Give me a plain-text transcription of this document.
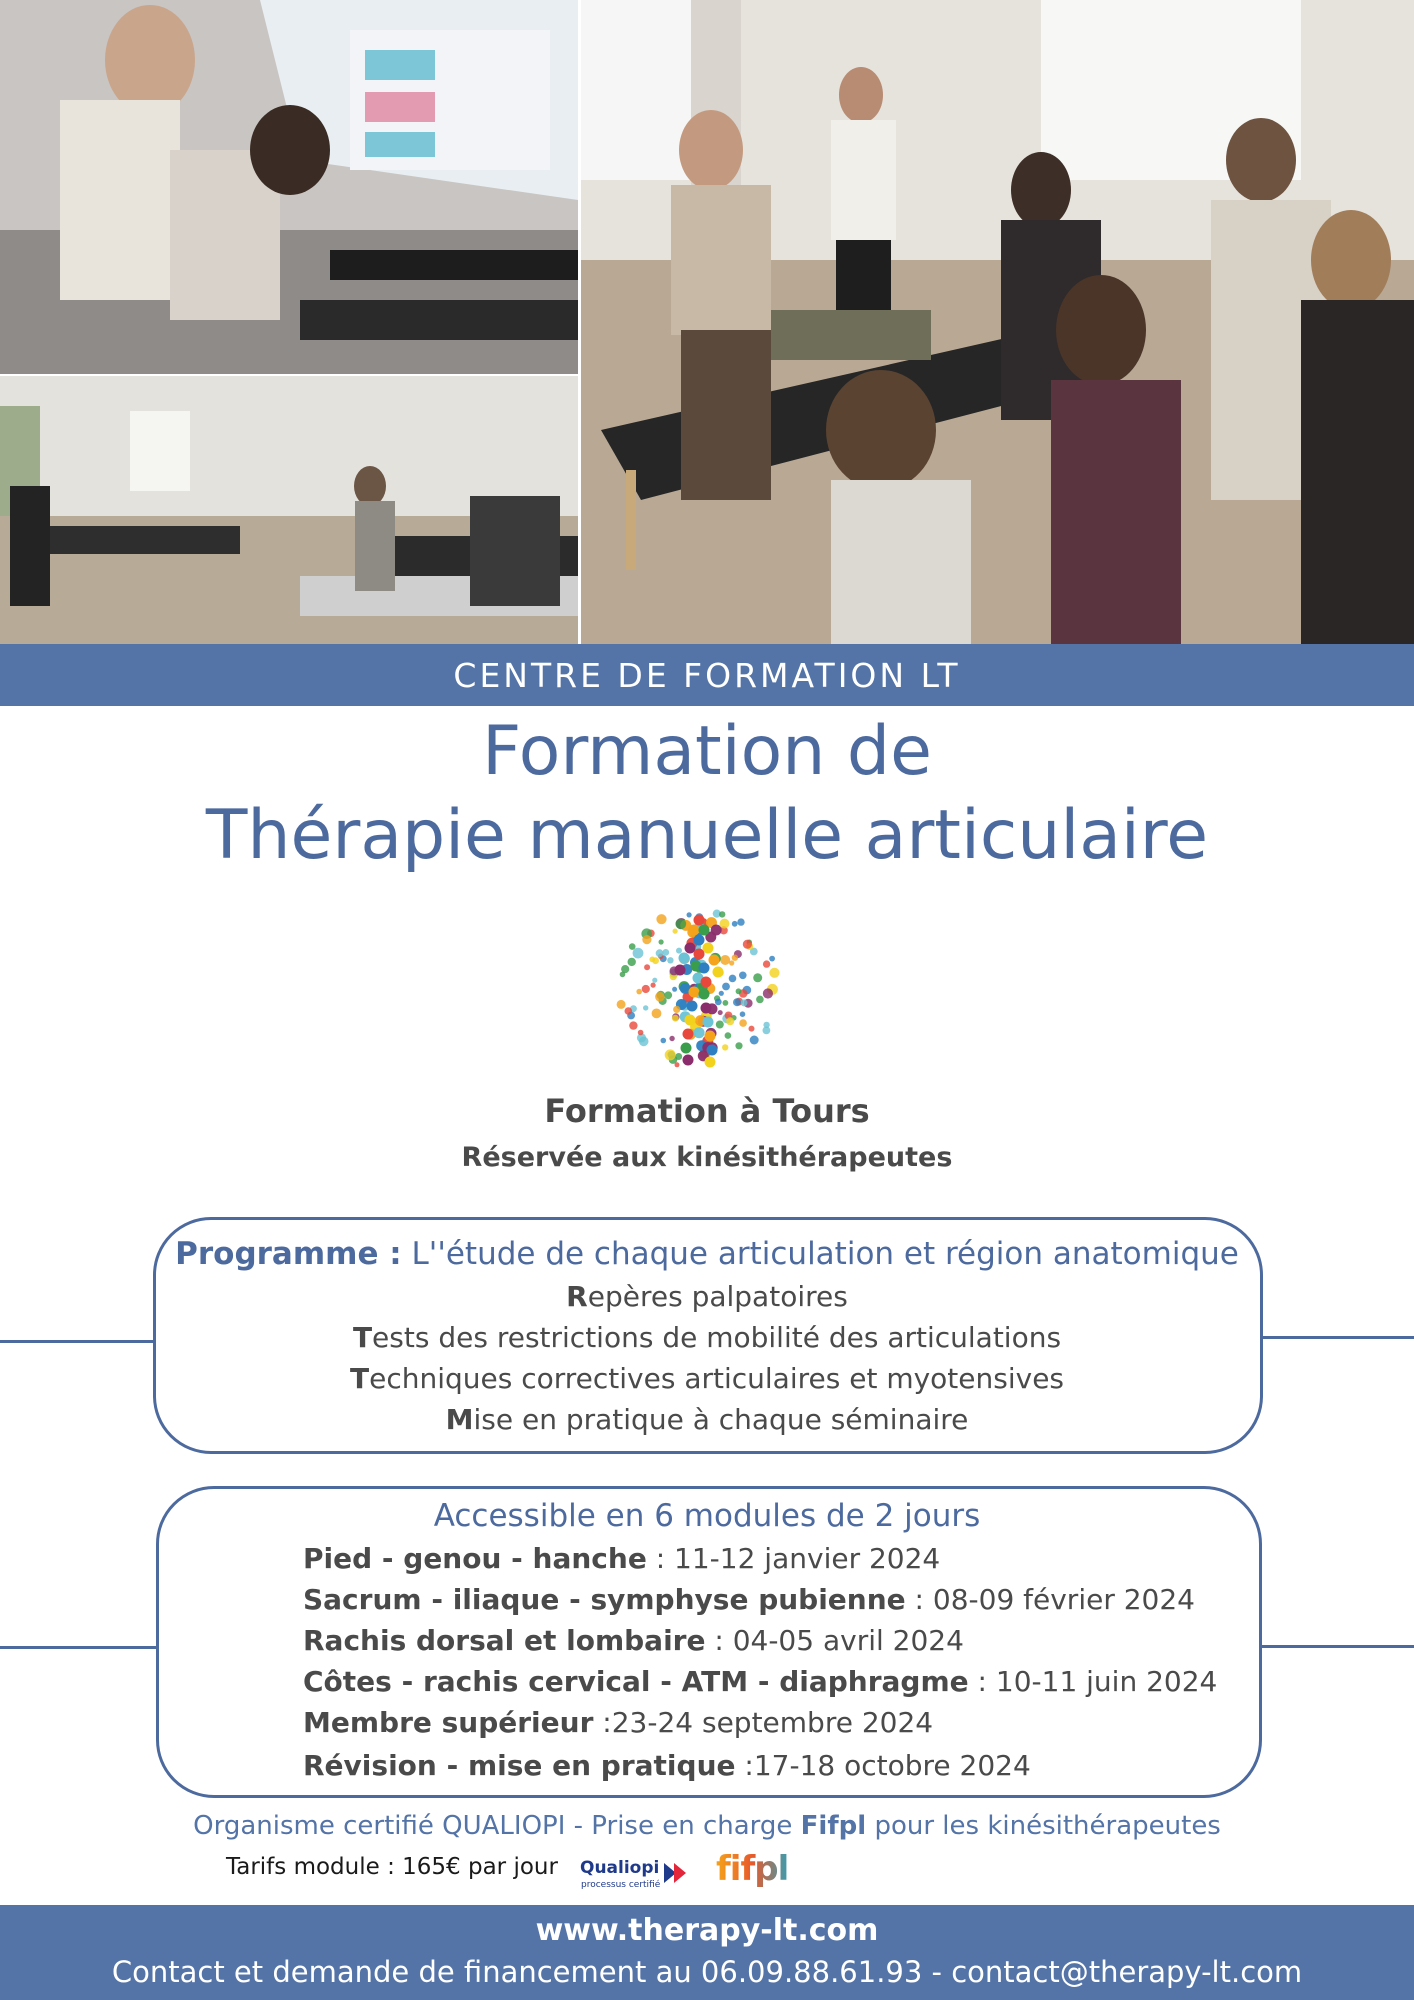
CENTRE DE FORMATION LT
Formation de
Thérapie manuelle articulaire
Formation à Tours
Réservée aux kinésithérapeutes
Programme : L''étude de chaque articulation et région anatomique
Repères palpatoires
Tests des restrictions de mobilité des articulations
Techniques correctives articulaires et myotensives
Mise en pratique à chaque séminaire
Accessible en 6 modules de 2 jours
Pied - genou - hanche : 11-12 janvier 2024
Sacrum - iliaque - symphyse pubienne : 08-09 février 2024
Rachis dorsal et lombaire : 04-05 avril 2024
Côtes - rachis cervical - ATM - diaphragme : 10-11 juin 2024
Membre supérieur :23-24 septembre 2024
Révision - mise en pratique :17-18 octobre 2024
Organisme certifié QUALIOPI - Prise en charge Fifpl pour les kinésithérapeutes
Tarifs module : 165€ par jour Qualiopi
processus certifié fifpl
www.therapy-lt.com
Contact et demande de financement au 06.09.88.61.93 - contact@therapy-lt.com
